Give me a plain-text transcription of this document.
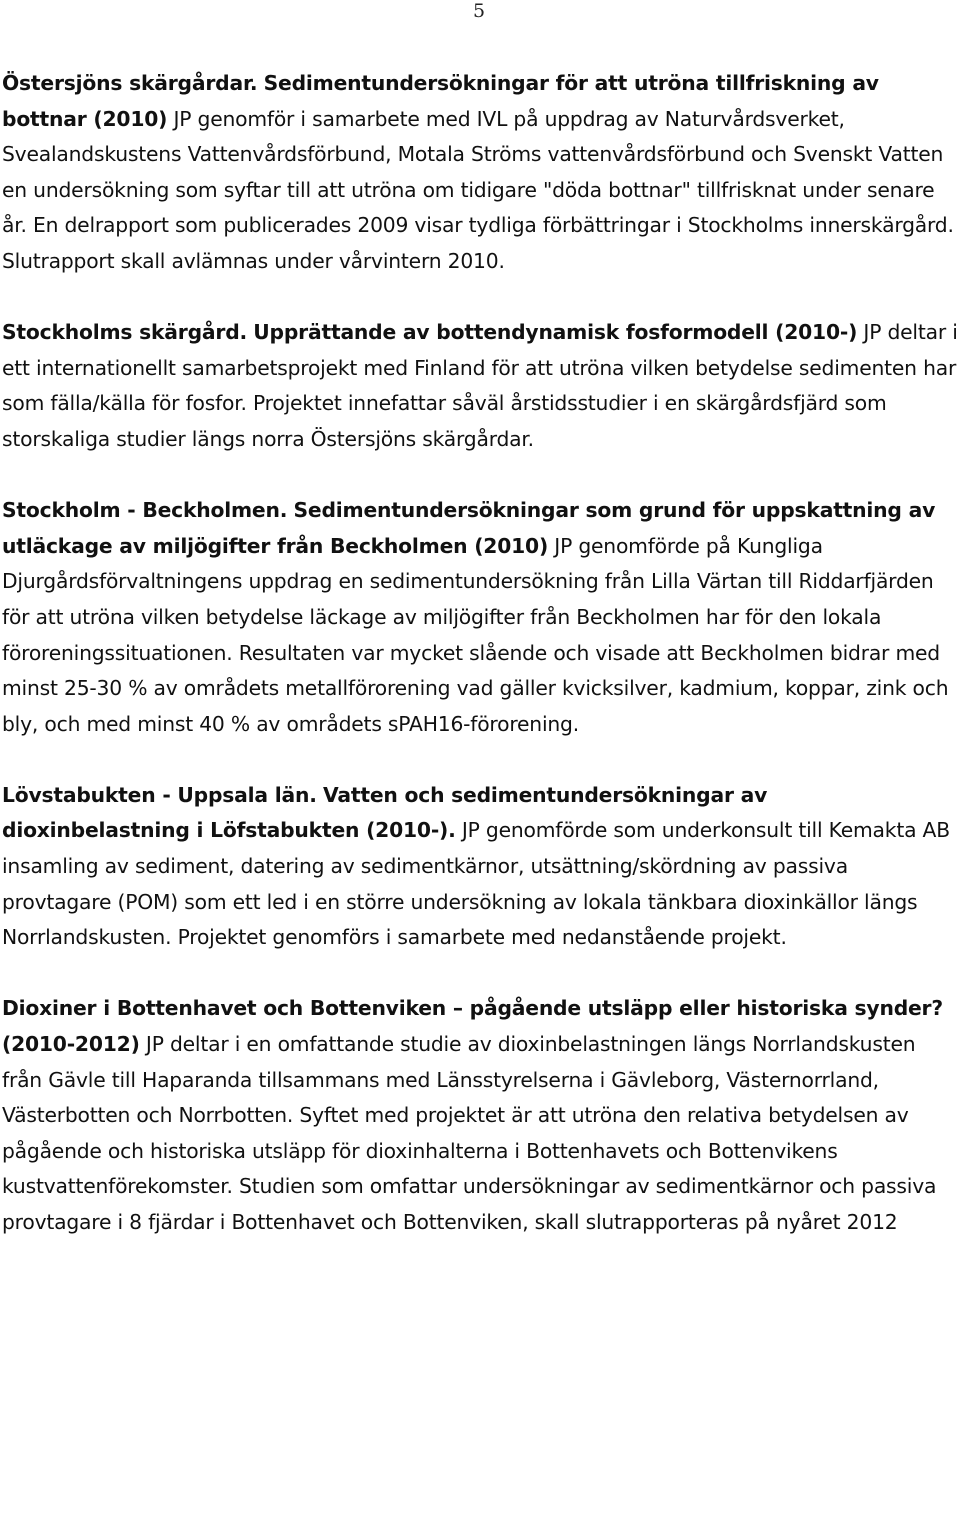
5

Östersjöns skärgårdar. Sedimentundersökningar för att utröna tillfriskning av bottnar (2010) JP genomför i samarbete med IVL på uppdrag av Naturvårdsverket, Svealandskustens Vattenvårdsförbund, Motala Ströms vattenvårdsförbund och Svenskt Vatten en undersökning som syftar till att utröna om tidigare "döda bottnar" tillfrisknat under senare år. En delrapport som publicerades 2009 visar tydliga förbättringar i Stockholms innerskärgård. Slutrapport skall avlämnas under vårvintern 2010.

Stockholms skärgård. Upprättande av bottendynamisk fosformodell (2010-) JP deltar i ett internationellt samarbetsprojekt med Finland för att utröna vilken betydelse sedimenten har som fälla/källa för fosfor. Projektet innefattar såväl årstidsstudier i en skärgårdsfjärd som storskaliga studier längs norra Östersjöns skärgårdar.

Stockholm - Beckholmen. Sedimentundersökningar som grund för uppskattning av utläckage av miljögifter från Beckholmen (2010) JP genomförde på Kungliga Djurgårdsförvaltningens uppdrag en sedimentundersökning från Lilla Värtan till Riddarfjärden för att utröna vilken betydelse läckage av miljögifter från Beckholmen har för den lokala föroreningssituationen. Resultaten var mycket slående och visade att Beckholmen bidrar med minst 25-30 % av områdets metallförorening vad gäller kvicksilver, kadmium, koppar, zink och bly, och med minst 40 % av områdets sPAH16-förorening.

Lövstabukten - Uppsala län. Vatten och sedimentundersökningar av dioxinbelastning i Löfstabukten (2010-). JP genomförde som underkonsult till Kemakta AB insamling av sediment, datering av sedimentkärnor, utsättning/skördning av passiva provtagare (POM) som ett led i en större undersökning av lokala tänkbara dioxinkällor längs Norrlandskusten. Projektet genomförs i samarbete med nedanstående projekt.

Dioxiner i Bottenhavet och Bottenviken – pågående utsläpp eller historiska synder? (2010-2012) JP deltar i en omfattande studie av dioxinbelastningen längs Norrlandskusten från Gävle till Haparanda tillsammans med Länsstyrelserna i Gävleborg, Västernorrland, Västerbotten och Norrbotten. Syftet med projektet är att utröna den relativa betydelsen av pågående och historiska utsläpp för dioxinhalterna i Bottenhavets och Bottenvikens kustvattenförekomster. Studien som omfattar undersökningar av sedimentkärnor och passiva provtagare i 8 fjärdar i Bottenhavet och Bottenviken, skall slutrapporteras på nyåret 2012
